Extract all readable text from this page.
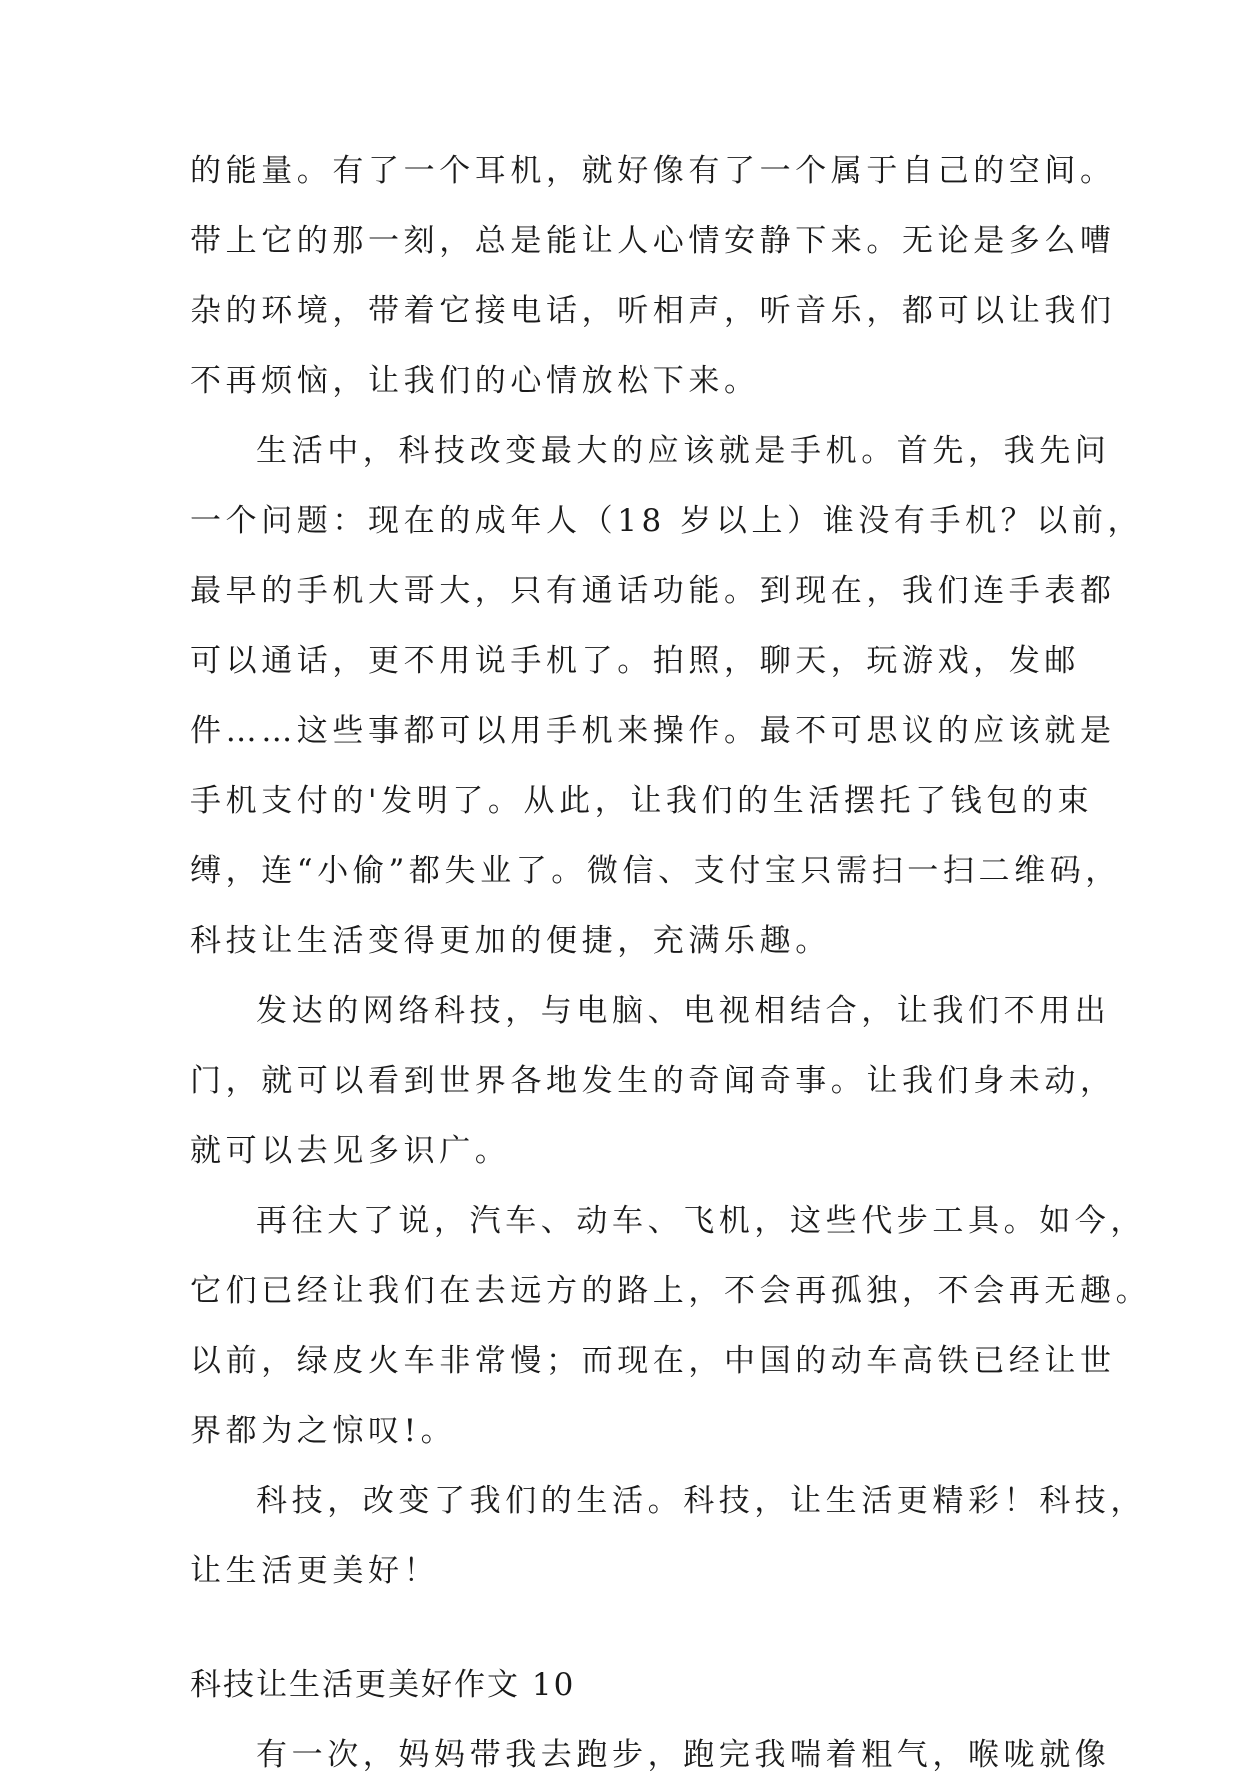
的能量。有了一个耳机，就好像有了一个属于自己的空间。
带上它的那一刻，总是能让人心情安静下来。无论是多么嘈
杂的环境，带着它接电话，听相声，听音乐，都可以让我们
不再烦恼，让我们的心情放松下来。
生活中，科技改变最大的应该就是手机。首先，我先问
一个问题：现在的成年人（18 岁以上）谁没有手机？以前，
最早的手机大哥大，只有通话功能。到现在，我们连手表都
可以通话，更不用说手机了。拍照，聊天，玩游戏，发邮
件……这些事都可以用手机来操作。最不可思议的应该就是
手机支付的'发明了。从此，让我们的生活摆托了钱包的束
缚，连“小偷”都失业了。微信、支付宝只需扫一扫二维码，
科技让生活变得更加的便捷，充满乐趣。
发达的网络科技，与电脑、电视相结合，让我们不用出
门，就可以看到世界各地发生的奇闻奇事。让我们身未动，
就可以去见多识广。
再往大了说，汽车、动车、飞机，这些代步工具。如今，
它们已经让我们在去远方的路上，不会再孤独，不会再无趣。
以前，绿皮火车非常慢；而现在，中国的动车高铁已经让世
界都为之惊叹!。
科技，改变了我们的生活。科技，让生活更精彩！科技，
让生活更美好！
科技让生活更美好作文 10
有一次，妈妈带我去跑步，跑完我喘着粗气，喉咙就像
